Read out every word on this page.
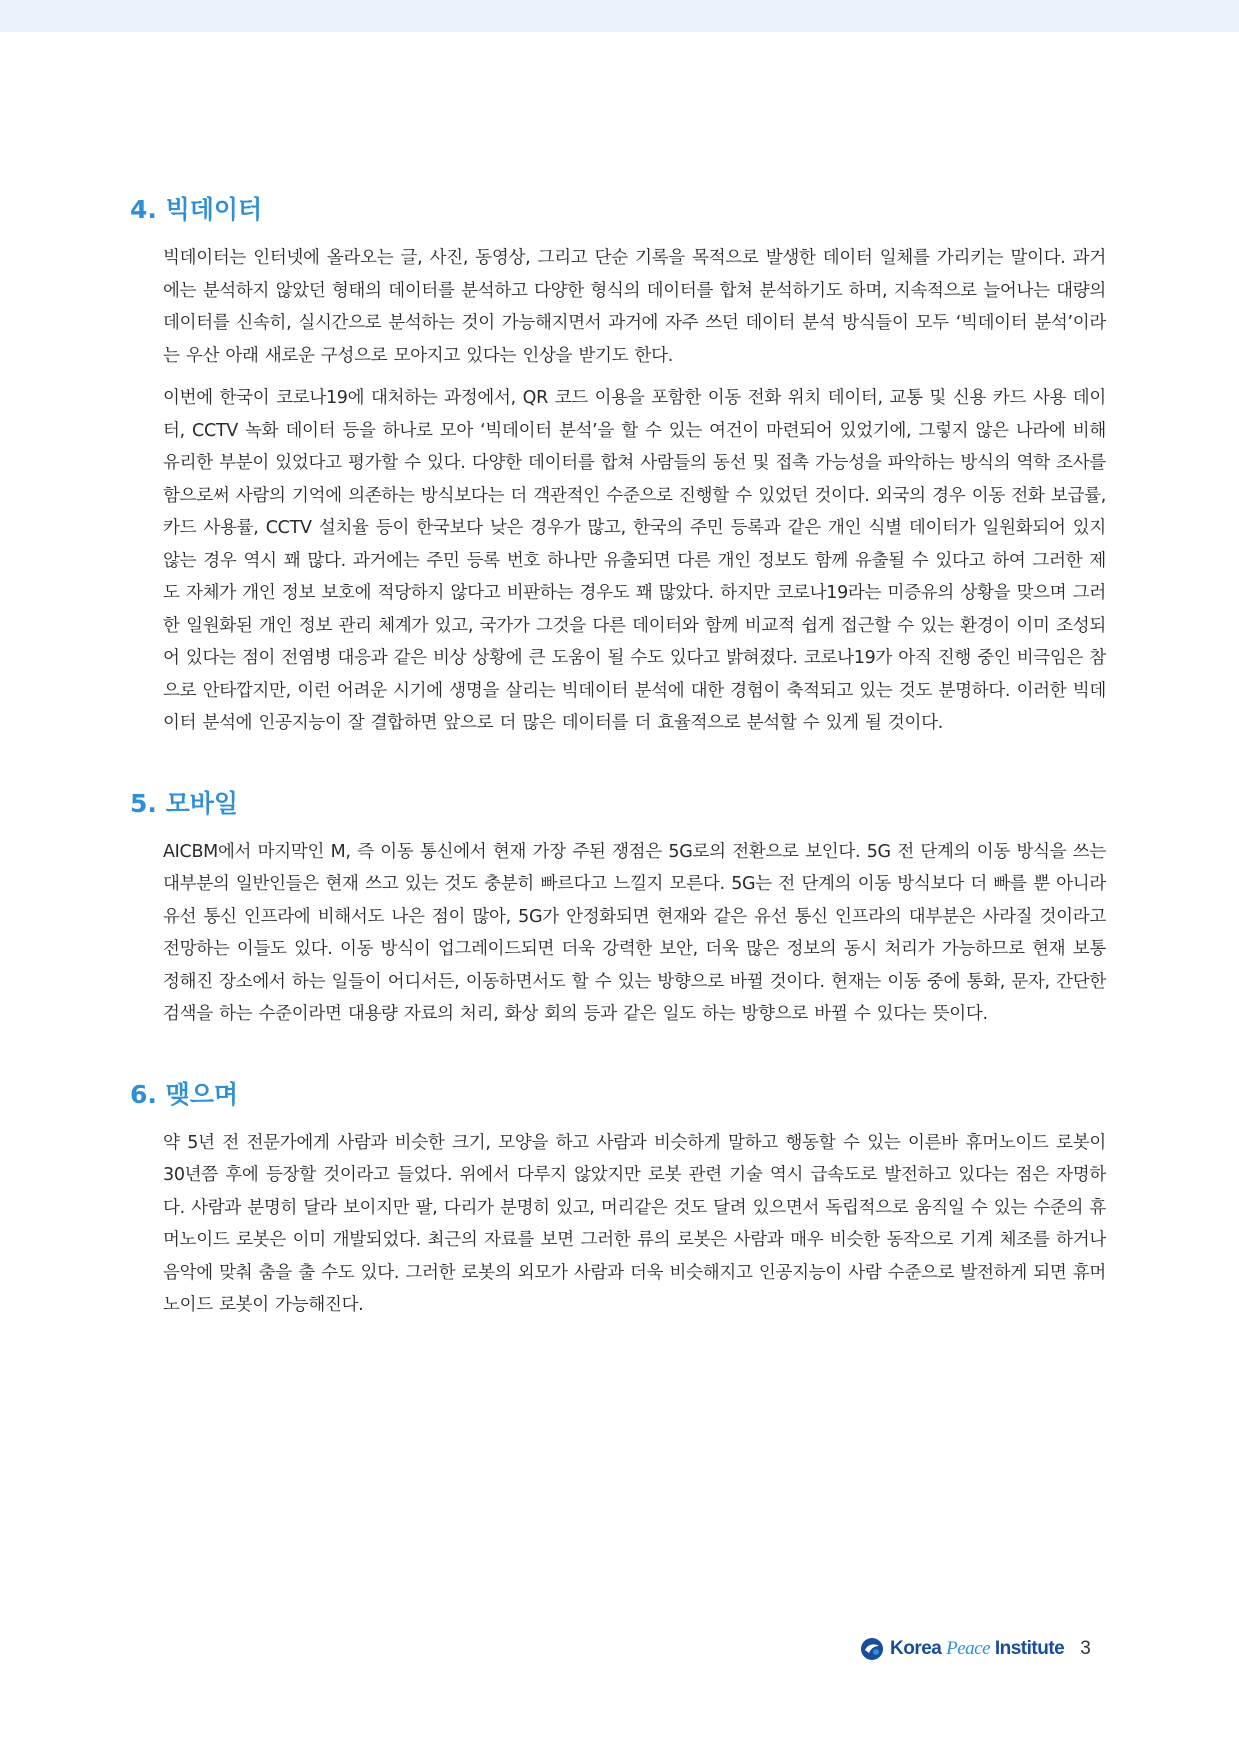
4. 빅데이터

빅데이터는 인터넷에 올라오는 글, 사진, 동영상, 그리고 단순 기록을 목적으로 발생한 데이터 일체를 가리키는 말이다. 과거에는 분석하지 않았던 형태의 데이터를 분석하고 다양한 형식의 데이터를 합쳐 분석하기도 하며, 지속적으로 늘어나는 대량의 데이터를 신속히, 실시간으로 분석하는 것이 가능해지면서 과거에 자주 쓰던 데이터 분석 방식들이 모두 ‘빅데이터 분석’이라는 우산 아래 새로운 구성으로 모아지고 있다는 인상을 받기도 한다.

이번에 한국이 코로나19에 대처하는 과정에서, QR 코드 이용을 포함한 이동 전화 위치 데이터, 교통 및 신용 카드 사용 데이터, CCTV 녹화 데이터 등을 하나로 모아 ‘빅데이터 분석’을 할 수 있는 여건이 마련되어 있었기에, 그렇지 않은 나라에 비해 유리한 부분이 있었다고 평가할 수 있다. 다양한 데이터를 합쳐 사람들의 동선 및 접촉 가능성을 파악하는 방식의 역학 조사를 함으로써 사람의 기억에 의존하는 방식보다는 더 객관적인 수준으로 진행할 수 있었던 것이다. 외국의 경우 이동 전화 보급률, 카드 사용률, CCTV 설치율 등이 한국보다 낮은 경우가 많고, 한국의 주민 등록과 같은 개인 식별 데이터가 일원화되어 있지 않는 경우 역시 꽤 많다. 과거에는 주민 등록 번호 하나만 유출되면 다른 개인 정보도 함께 유출될 수 있다고 하여 그러한 제도 자체가 개인 정보 보호에 적당하지 않다고 비판하는 경우도 꽤 많았다. 하지만 코로나19라는 미증유의 상황을 맞으며 그러한 일원화된 개인 정보 관리 체계가 있고, 국가가 그것을 다른 데이터와 함께 비교적 쉽게 접근할 수 있는 환경이 이미 조성되어 있다는 점이 전염병 대응과 같은 비상 상황에 큰 도움이 될 수도 있다고 밝혀졌다. 코로나19가 아직 진행 중인 비극임은 참으로 안타깝지만, 이런 어려운 시기에 생명을 살리는 빅데이터 분석에 대한 경험이 축적되고 있는 것도 분명하다. 이러한 빅데이터 분석에 인공지능이 잘 결합하면 앞으로 더 많은 데이터를 더 효율적으로 분석할 수 있게 될 것이다.

5. 모바일

AICBM에서 마지막인 M, 즉 이동 통신에서 현재 가장 주된 쟁점은 5G로의 전환으로 보인다. 5G 전 단계의 이동 방식을 쓰는 대부분의 일반인들은 현재 쓰고 있는 것도 충분히 빠르다고 느낄지 모른다. 5G는 전 단계의 이동 방식보다 더 빠를 뿐 아니라 유선 통신 인프라에 비해서도 나은 점이 많아, 5G가 안정화되면 현재와 같은 유선 통신 인프라의 대부분은 사라질 것이라고 전망하는 이들도 있다. 이동 방식이 업그레이드되면 더욱 강력한 보안, 더욱 많은 정보의 동시 처리가 가능하므로 현재 보통 정해진 장소에서 하는 일들이 어디서든, 이동하면서도 할 수 있는 방향으로 바뀔 것이다. 현재는 이동 중에 통화, 문자, 간단한 검색을 하는 수준이라면 대용량 자료의 처리, 화상 회의 등과 같은 일도 하는 방향으로 바뀔 수 있다는 뜻이다.

6. 맺으며

약 5년 전 전문가에게 사람과 비슷한 크기, 모양을 하고 사람과 비슷하게 말하고 행동할 수 있는 이른바 휴머노이드 로봇이 30년쯤 후에 등장할 것이라고 들었다. 위에서 다루지 않았지만 로봇 관련 기술 역시 급속도로 발전하고 있다는 점은 자명하다. 사람과 분명히 달라 보이지만 팔, 다리가 분명히 있고, 머리같은 것도 달려 있으면서 독립적으로 움직일 수 있는 수준의 휴머노이드 로봇은 이미 개발되었다. 최근의 자료를 보면 그러한 류의 로봇은 사람과 매우 비슷한 동작으로 기계 체조를 하거나 음악에 맞춰 춤을 출 수도 있다. 그러한 로봇의 외모가 사람과 더욱 비슷해지고 인공지능이 사람 수준으로 발전하게 되면 휴머노이드 로봇이 가능해진다.

Korea Peace Institute 3
